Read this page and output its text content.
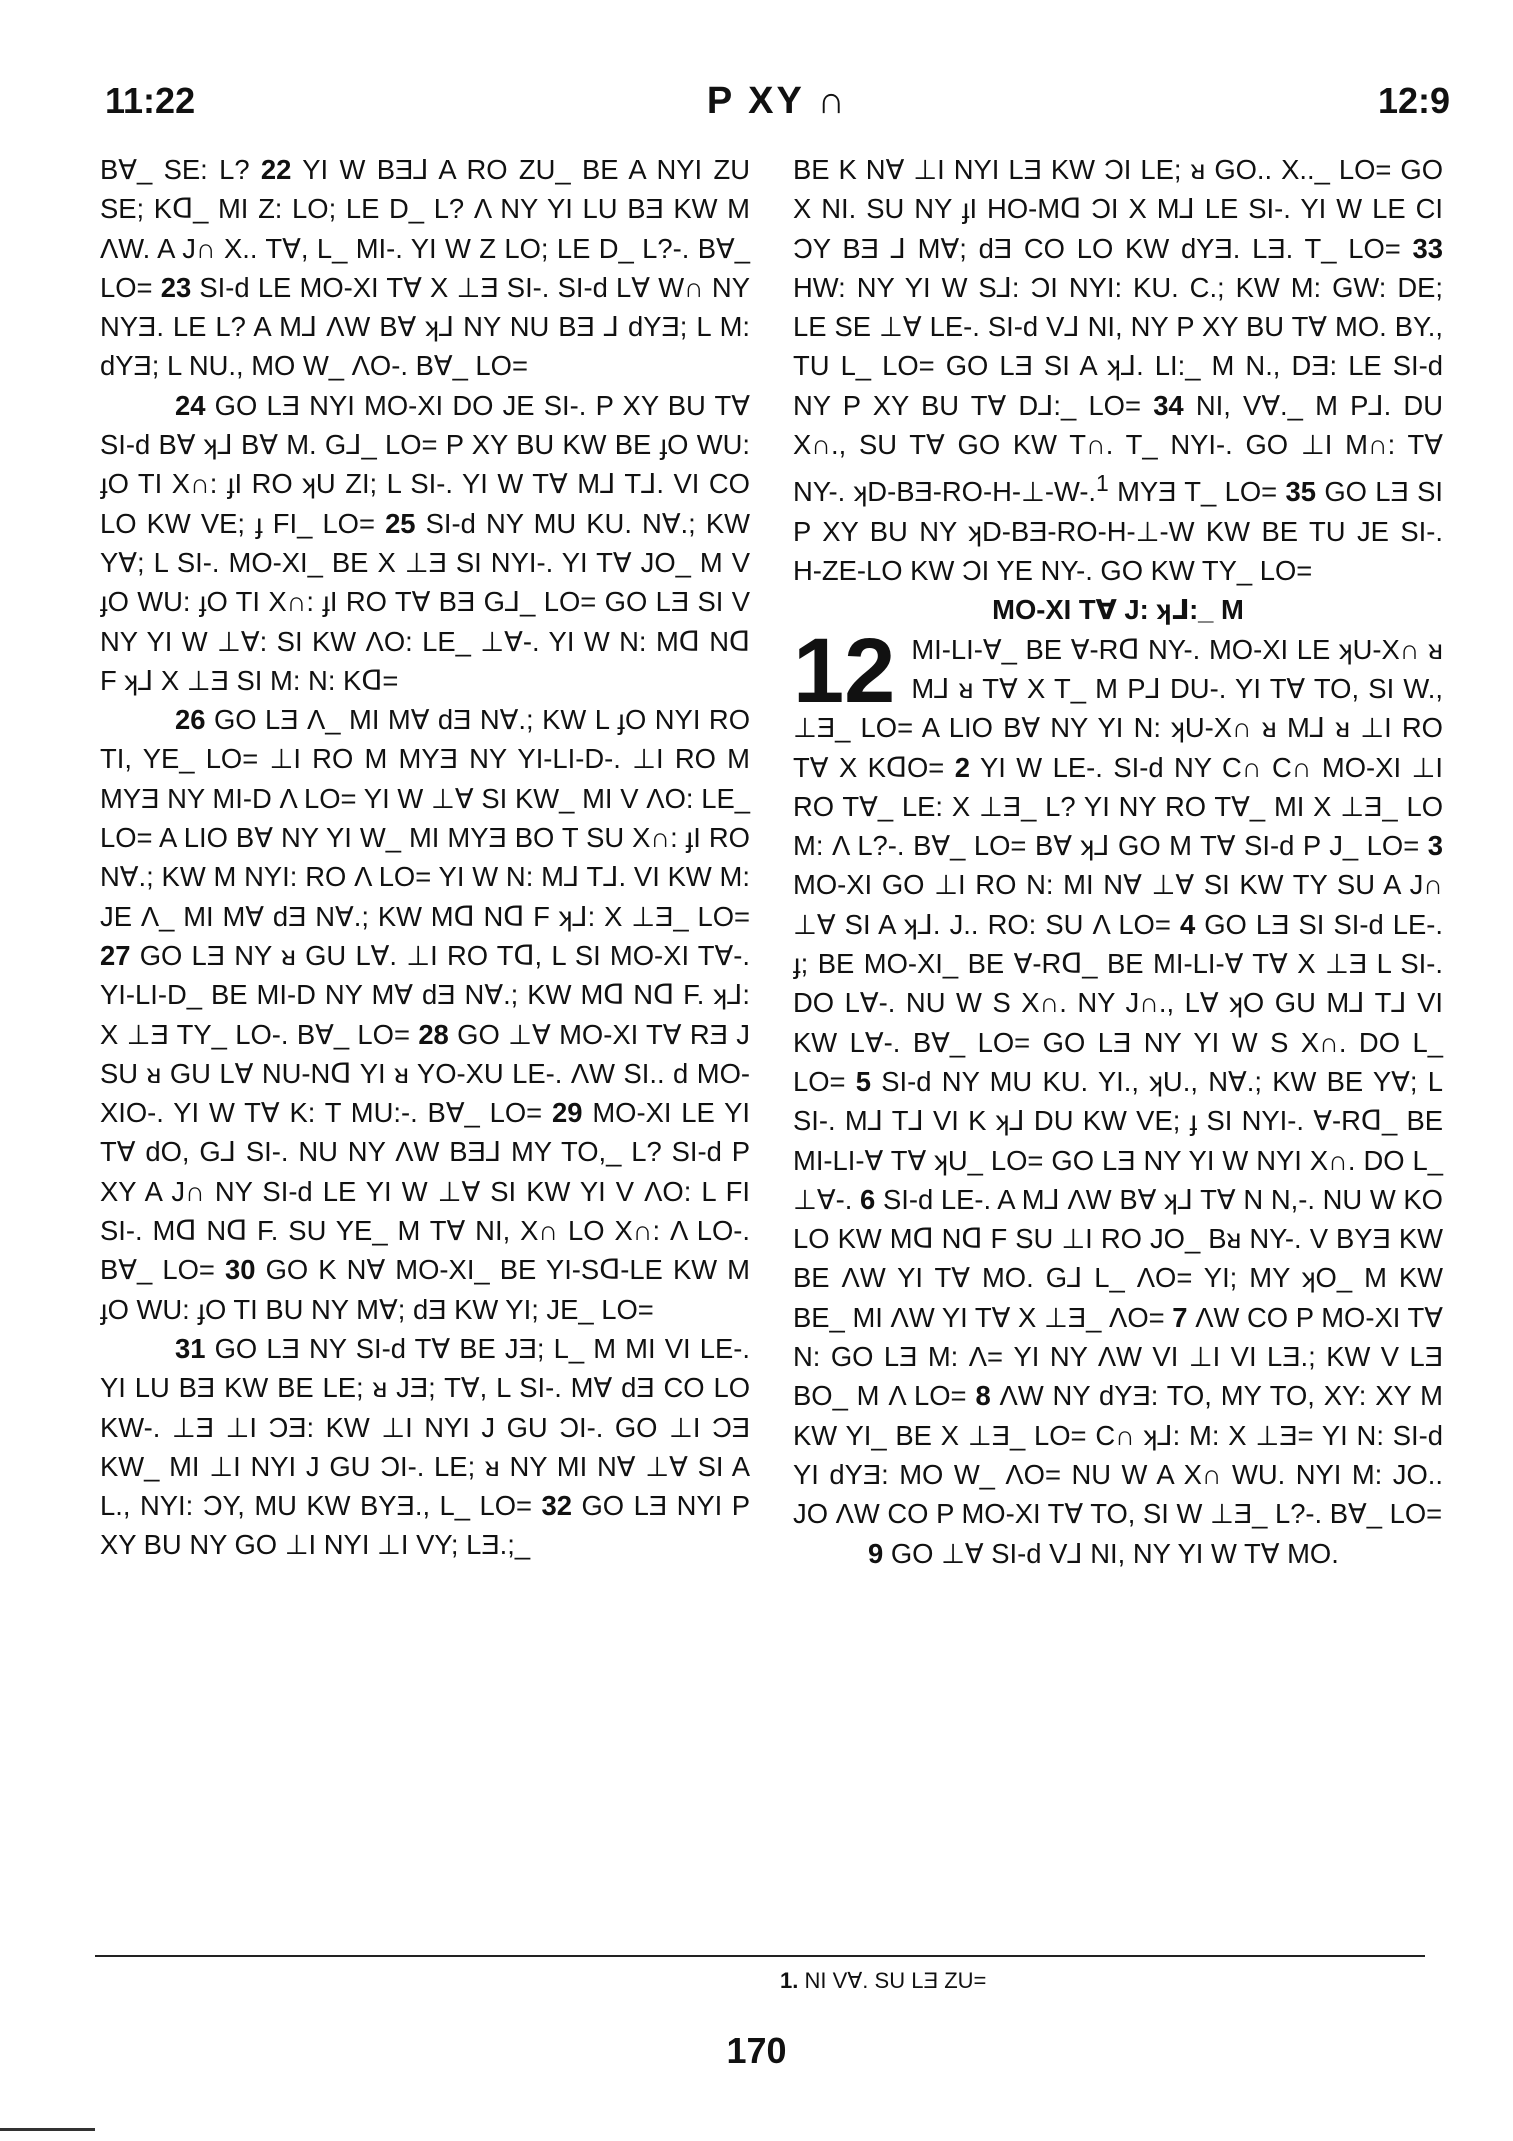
11:22	P XY ∩	12:9

B∀_ SE: L? 22 YI W BƎ⅃ A RO ZU_ BE A NYI ZU SE; Kᗡ_ MI Z: LO; LE D_ L? Λ NY YI LU BƎ KW M ΛW. A J∩ X.. T∀, L_ MI-. YI W Z LO; LE D_ L?-. B∀_ LO= 23 SI-d LE MO-XI T∀ X ⊥Ǝ SI-. SI-d L∀ W∩ NY NYƎ. LE L? A M⅃ ΛW B∀ ʞ⅃ NY NU BƎ ⅃ dYƎ; L M: dYƎ; L NU., MO W_ ΛO-. B∀_ LO=

24 GO LƎ NYI MO-XI DO JE SI-. P XY BU T∀ SI-d B∀ ʞ⅃ B∀ M. G⅃_ LO= P XY BU KW BE ɟO WU: ɟO TI X∩: ɟI RO ʞU ZI; L SI-. YI W T∀ M⅃ T⅃. VI CO LO KW VE; ɟ FI_ LO= 25 SI-d NY MU KU. N∀.; KW Y∀; L SI-. MO-XI_ BE X ⊥Ǝ SI NYI-. YI T∀ JO_ M V ɟO WU: ɟO TI X∩: ɟI RO T∀ BƎ G⅃_ LO= GO LƎ SI V NY YI W ⊥∀: SI KW ΛO: LE_ ⊥∀-. YI W N: Mᗡ Nᗡ F ʞ⅃ X ⊥Ǝ SI M: N: Kᗡ=

26 GO LƎ Λ_ MI M∀ dƎ N∀.; KW L ɟO NYI RO TI, YE_ LO= ⊥I RO M MYƎ NY YI-LI-D-. ⊥I RO M MYƎ NY MI-D Λ LO= YI W ⊥∀ SI KW_ MI V ΛO: LE_ LO= A LIO B∀ NY YI W_ MI MYƎ BO T SU X∩: ɟI RO N∀.; KW M NYI: RO Λ LO= YI W N: M⅃ T⅃. VI KW M: JE Λ_ MI M∀ dƎ N∀.; KW Mᗡ Nᗡ F ʞ⅃: X ⊥Ǝ_ LO= 27 GO LƎ NY ᴚ GU L∀. ⊥I RO Tᗡ, L SI MO-XI T∀-. YI-LI-D_ BE MI-D NY M∀ dƎ N∀.; KW Mᗡ Nᗡ F. ʞ⅃: X ⊥Ǝ TY_ LO-. B∀_ LO= 28 GO ⊥∀ MO-XI T∀ RƎ J SU ᴚ GU L∀ NU-Nᗡ YI ᴚ YO-XU LE-. ΛW SI.. d MO-XIO-. YI W T∀ K: T MU:-. B∀_ LO= 29 MO-XI LE YI T∀ dO, G⅃ SI-. NU NY ΛW BƎ⅃ MY TO,_ L? SI-d P XY A J∩ NY SI-d LE YI W ⊥∀ SI KW YI V ΛO: L FI SI-. Mᗡ Nᗡ F. SU YE_ M T∀ NI, X∩ LO X∩: Λ LO-. B∀_ LO= 30 GO K N∀ MO-XI_ BE YI-Sᗡ-LE KW M ɟO WU: ɟO TI BU NY M∀; dƎ KW YI; JE_ LO=

31 GO LƎ NY SI-d T∀ BE JƎ; L_ M MI VI LE-. YI LU BƎ KW BE LE; ᴚ JƎ; T∀, L SI-. M∀ dƎ CO LO KW-. ⊥Ǝ ⊥I ƆƎ: KW ⊥I NYI J GU ƆI-. GO ⊥I ƆƎ KW_ MI ⊥I NYI J GU ƆI-. LE; ᴚ NY MI N∀ ⊥∀ SI A L., NYI: ƆY, MU KW BYƎ., L_ LO= 32 GO LƎ NYI P XY BU NY GO ⊥I NYI ⊥I VY; LƎ.;_

BE K N∀ ⊥I NYI LƎ KW ƆI LE; ᴚ GO.. X.._ LO= GO X NI. SU NY ɟI HO-Mᗡ ƆI X M⅃ LE SI-. YI W LE CI ƆY BƎ ⅃ M∀; dƎ CO LO KW dYƎ. LƎ. T_ LO= 33 HW: NY YI W S⅃: ƆI NYI: KU. C.; KW M: GW: DE; LE SE ⊥∀ LE-. SI-d V⅃ NI, NY P XY BU T∀ MO. BY., TU L_ LO= GO LƎ SI A ʞ⅃. LI:_ M N., DƎ: LE SI-d NY P XY BU T∀ D⅃:_ LO= 34 NI, V∀._ M P⅃. DU X∩., SU T∀ GO KW T∩. T_ NYI-. GO ⊥I M∩: T∀ NY-. ʞD-BƎ-RO-H-⊥-W-.$^1$ MYƎ T_ LO= 35 GO LƎ SI P XY BU NY ʞD-BƎ-RO-H-⊥-W KW BE TU JE SI-. H-ZE-LO KW ƆI YE NY-. GO KW TY_ LO=

MO-XI T∀ J: ʞ⅃:_ M

12 MI-LI-∀_ BE ∀-Rᗡ NY-. MO-XI LE ʞU-X∩ ᴚ M⅃ ᴚ T∀ X T_ M P⅃ DU-. YI T∀ TO, SI W., ⊥Ǝ_ LO= A LIO B∀ NY YI N: ʞU-X∩ ᴚ M⅃ ᴚ ⊥I RO T∀ X KᗡO= 2 YI W LE-. SI-d NY C∩ C∩ MO-XI ⊥I RO T∀_ LE: X ⊥Ǝ_ L? YI NY RO T∀_ MI X ⊥Ǝ_ LO M: Λ L?-. B∀_ LO= B∀ ʞ⅃ GO M T∀ SI-d P J_ LO= 3 MO-XI GO ⊥I RO N: MI N∀ ⊥∀ SI KW TY SU A J∩ ⊥∀ SI A ʞ⅃. J.. RO: SU Λ LO= 4 GO LƎ SI SI-d LE-. ɟ; BE MO-XI_ BE ∀-Rᗡ_ BE MI-LI-∀ T∀ X ⊥Ǝ L SI-. DO L∀-. NU W S X∩. NY J∩., L∀ ʞO GU M⅃ T⅃ VI KW L∀-. B∀_ LO= GO LƎ NY YI W S X∩. DO L_ LO= 5 SI-d NY MU KU. YI., ʞU., N∀.; KW BE Y∀; L SI-. M⅃ T⅃ VI K ʞ⅃ DU KW VE; ɟ SI NYI-. ∀-Rᗡ_ BE MI-LI-∀ T∀ ʞU_ LO= GO LƎ NY YI W NYI X∩. DO L_ ⊥∀-. 6 SI-d LE-. A M⅃ ΛW B∀ ʞ⅃ T∀ N N,-. NU W KO LO KW Mᗡ Nᗡ F SU ⊥I RO JO_ Bᴚ NY-. V BYƎ KW BE ΛW YI T∀ MO. G⅃ L_ ΛO= YI; MY ʞO_ M KW BE_ MI ΛW YI T∀ X ⊥Ǝ_ ΛO= 7 ΛW CO P MO-XI T∀ N: GO LƎ M: Λ= YI NY ΛW VI ⊥I VI LƎ.; KW V LƎ BO_ M Λ LO= 8 ΛW NY dYƎ: TO, MY TO, XY: XY M KW YI_ BE X ⊥Ǝ_ LO= C∩ ʞ⅃: M: X ⊥Ǝ= YI N: SI-d YI dYƎ: MO W_ ΛO= NU W A X∩ WU. NYI M: JO.. JO ΛW CO P MO-XI T∀ TO, SI W ⊥Ǝ_ L?-. B∀_ LO=

9 GO ⊥∀ SI-d V⅃ NI, NY YI W T∀ MO.

1. NI V∀. SU LƎ ZU=
170
